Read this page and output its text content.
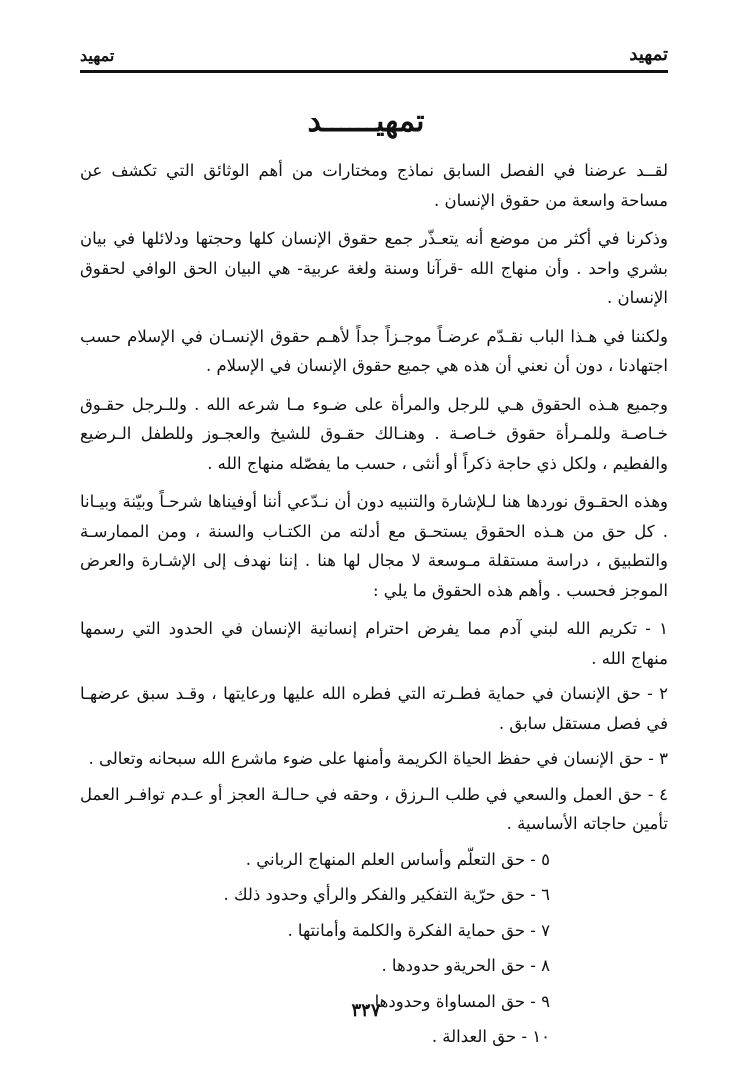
تمهيد
تمهيد
تمهيــــــد

لقــد عرضنا في الفصل السابق نماذج ومختارات من أهم الوثائق التي تكشف عن مساحة واسعة من حقوق الإنسان .

وذكرنا في أكثر من موضع أنه يتعـذّر جمع حقوق الإنسان كلها وحجتها ودلائلها في بيان بشري واحد . وأن منهاج الله -قرآنا وسنة ولغة عربية- هي البيان الحق الوافي لحقوق الإنسان .

ولكننا في هـذا الباب نقـدّم عرضـاً موجـزاً جداً لأهـم حقوق الإنسـان في الإسلام حسب اجتهادنا ، دون أن نعني أن هذه هي جميع حقوق الإنسان في الإسلام .

وجميع هـذه الحقوق هـي للرجل والمرأة على ضـوء مـا شرعه الله . وللـرجل حقـوق خـاصـة وللمـرأة حقوق خـاصـة . وهنـالك حقـوق للشيخ والعجـوز وللطفل الـرضيع والفطيم ، ولكل ذي حاجة ذكراً أو أنثى ، حسب ما يفصّله منهاج الله .

وهذه الحقـوق نوردها هنا لـلإشارة والتنبيه دون أن نـدّعي أننا أوفيناها شرحـاً وبيّنة وبيـانا . كل حق من هـذه الحقوق يستحـق مع أدلته من الكتـاب والسنة ، ومن الممارسـة والتطبيق ، دراسة مستقلة مـوسعة لا مجال لها هنا . إننا نهدف إلى الإشـارة والعرض الموجز فحسب . وأهم هذه الحقوق ما يلي :

١ - تكريم الله لبني آدم مما يفرض احترام إنسانية الإنسان في الحدود التي رسمها منهاج الله .

٢ - حق الإنسان في حماية فطـرته التي فطره الله عليها ورعايتها ، وقـد سبق عرضهـا في فصل مستقل سابق .

٣ - حق الإنسان في حفظ الحياة الكريمة وأمنها على ضوء ماشرع الله سبحانه وتعالى .

٤ - حق العمل والسعي في طلب الـرزق ، وحقه في حـالـة العجز أو عـدم توافـر العمل تأمين حاجاته الأساسية .

٥ - حق التعلّم وأساس العلم المنهاج الرباني .

٦ - حق حرّية التفكير والفكر والرأي وحدود ذلك .

٧ - حق حماية الفكرة والكلمة وأمانتها .

٨ - حق الحريةو حدودها .

٩ - حق المساواة وحدودها .

١٠ - حق العدالة .

٣٢٧
